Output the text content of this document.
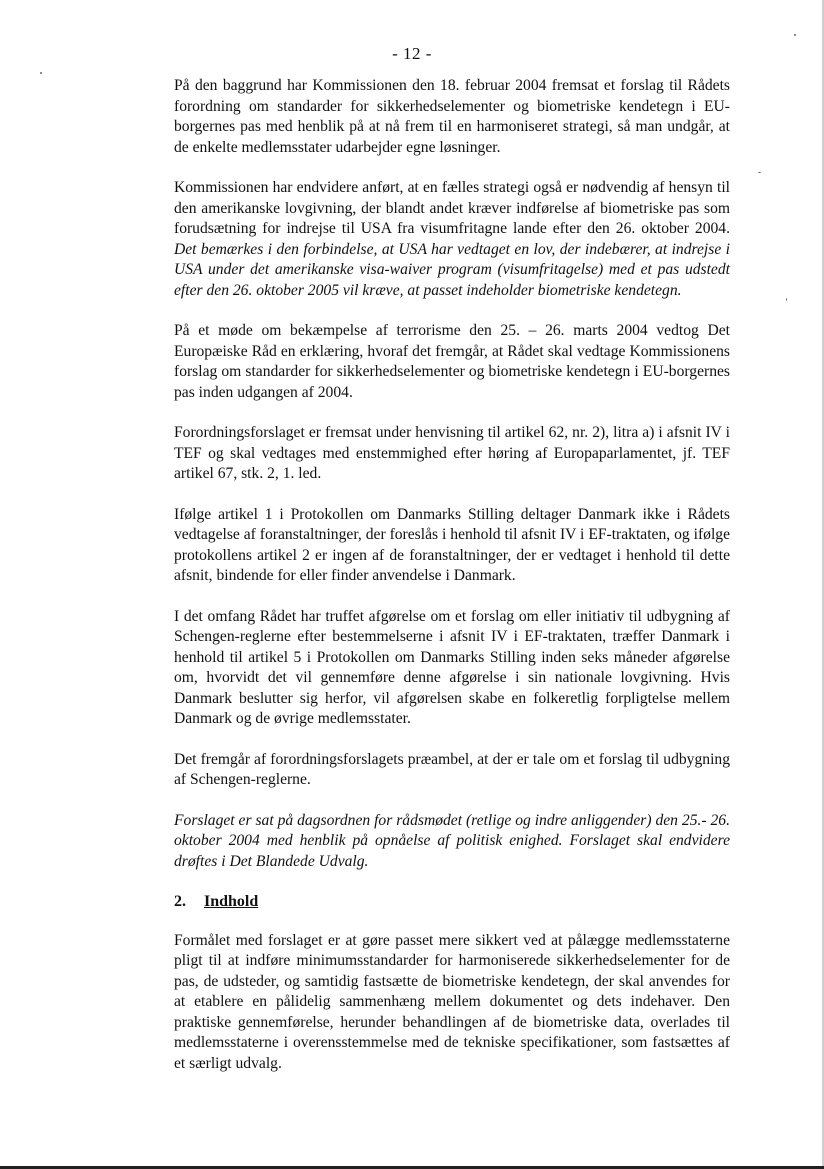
- 12 -

På den baggrund har Kommissionen den 18. februar 2004 fremsat et forslag til Rådets forordning om standarder for sikkerhedselementer og biometriske kendetegn i EU-borgernes pas med henblik på at nå frem til en harmoniseret strategi, så man undgår, at de enkelte medlemsstater udarbejder egne løsninger.

Kommissionen har endvidere anført, at en fælles strategi også er nødvendig af hensyn til den amerikanske lovgivning, der blandt andet kræver indførelse af biometriske pas som forudsætning for indrejse til USA fra visumfritagne lande efter den 26. oktober 2004. Det bemærkes i den forbindelse, at USA har vedtaget en lov, der indebærer, at indrejse i USA under det amerikanske visa-waiver program (visumfritagelse) med et pas udstedt efter den 26. oktober 2005 vil kræve, at passet indeholder biometriske kendetegn.

På et møde om bekæmpelse af terrorisme den 25. – 26. marts 2004 vedtog Det Europæiske Råd en erklæring, hvoraf det fremgår, at Rådet skal vedtage Kommissionens forslag om standarder for sikkerhedselementer og biometriske kendetegn i EU-borgernes pas inden udgangen af 2004.

Forordningsforslaget er fremsat under henvisning til artikel 62, nr. 2), litra a) i afsnit IV i TEF og skal vedtages med enstemmighed efter høring af Europaparlamentet, jf. TEF artikel 67, stk. 2, 1. led.

Ifølge artikel 1 i Protokollen om Danmarks Stilling deltager Danmark ikke i Rådets vedtagelse af foranstaltninger, der foreslås i henhold til afsnit IV i EF-traktaten, og ifølge protokollens artikel 2 er ingen af de foranstaltninger, der er vedtaget i henhold til dette afsnit, bindende for eller finder anvendelse i Danmark.

I det omfang Rådet har truffet afgørelse om et forslag om eller initiativ til udbygning af Schengen-reglerne efter bestemmelserne i afsnit IV i EF-traktaten, træffer Danmark i henhold til artikel 5 i Protokollen om Danmarks Stilling inden seks måneder afgørelse om, hvorvidt det vil gennemføre denne afgørelse i sin nationale lovgivning. Hvis Danmark beslutter sig herfor, vil afgørelsen skabe en folkeretlig forpligtelse mellem Danmark og de øvrige medlemsstater.

Det fremgår af forordningsforslagets præambel, at der er tale om et forslag til udbygning af Schengen-reglerne.

Forslaget er sat på dagsordnen for rådsmødet (retlige og indre anliggender) den 25.- 26. oktober 2004 med henblik på opnåelse af politisk enighed. Forslaget skal endvidere drøftes i Det Blandede Udvalg.

2. Indhold

Formålet med forslaget er at gøre passet mere sikkert ved at pålægge medlemsstaterne pligt til at indføre minimumsstandarder for harmoniserede sikkerhedselementer for de pas, de udsteder, og samtidig fastsætte de biometriske kendetegn, der skal anvendes for at etablere en pålidelig sammenhæng mellem dokumentet og dets indehaver. Den praktiske gennemførelse, herunder behandlingen af de biometriske data, overlades til medlemsstaterne i overensstemmelse med de tekniske specifikationer, som fastsættes af et særligt udvalg.
